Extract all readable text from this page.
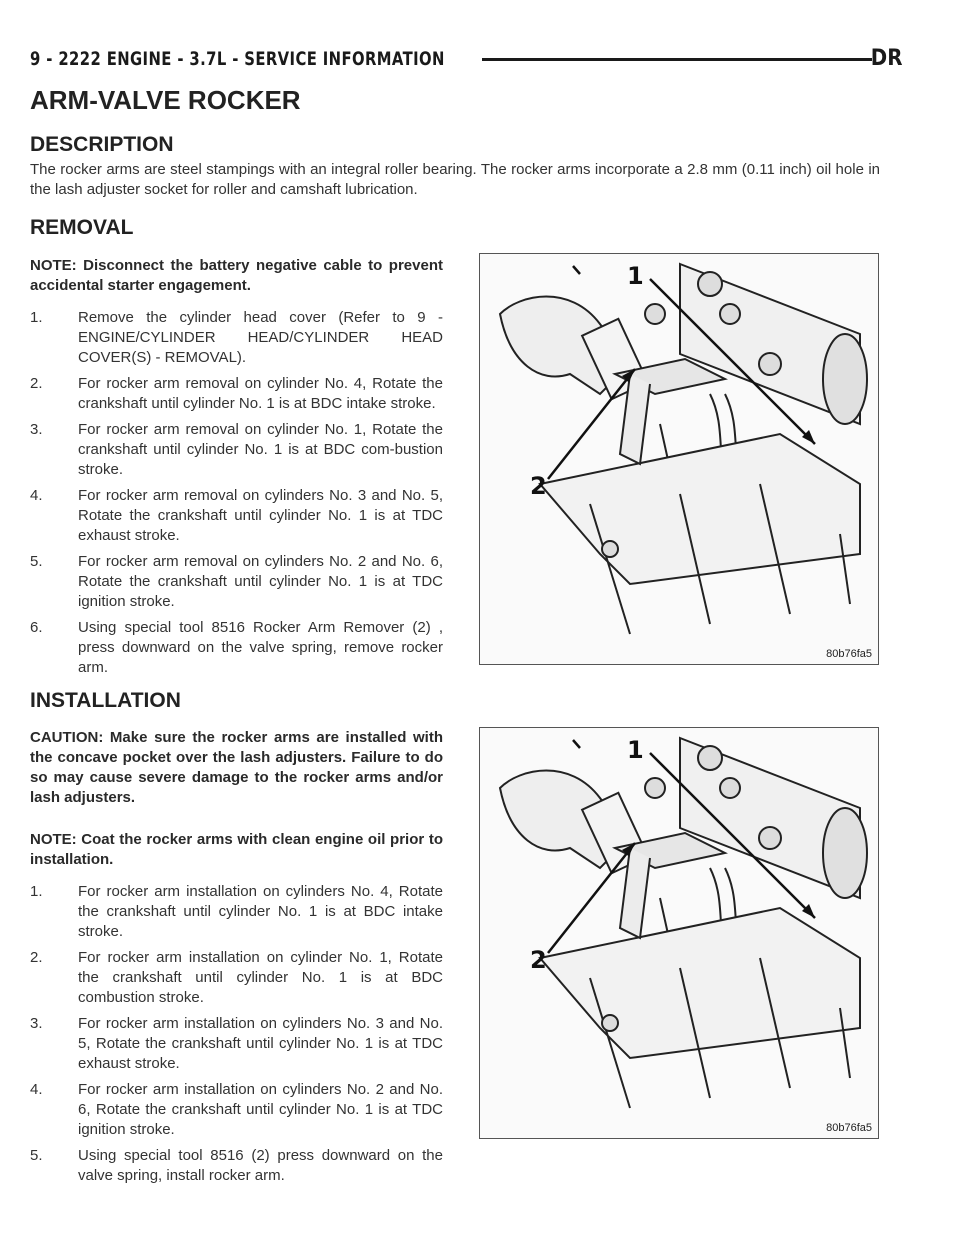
9 - 2222 ENGINE - 3.7L - SERVICE INFORMATION	DR
ARM-VALVE ROCKER
DESCRIPTION

The rocker arms are steel stampings with an integral roller bearing. The rocker arms incorporate a 2.8 mm (0.11 inch) oil hole in the lash adjuster socket for roller and camshaft lubrication.

REMOVAL

NOTE: Disconnect the battery negative cable to prevent accidental starter engagement.

1. Remove the cylinder head cover (Refer to 9 - ENGINE/CYLINDER HEAD/CYLINDER HEAD COVER(S) - REMOVAL).
2. For rocker arm removal on cylinder No. 4, Rotate the crankshaft until cylinder No. 1 is at BDC intake stroke.
3. For rocker arm removal on cylinder No. 1, Rotate the crankshaft until cylinder No. 1 is at BDC com-bustion stroke.
4. For rocker arm removal on cylinders No. 3 and No. 5, Rotate the crankshaft until cylinder No. 1 is at TDC exhaust stroke.
5. For rocker arm removal on cylinders No. 2 and No. 6, Rotate the crankshaft until cylinder No. 1 is at TDC ignition stroke.
6. Using special tool 8516 Rocker Arm Remover (2) , press downward on the valve spring, remove rocker arm.
1
2
80b76fa5
INSTALLATION

CAUTION: Make sure the rocker arms are installed with the concave pocket over the lash adjusters. Failure to do so may cause severe damage to the rocker arms and/or lash adjusters.

NOTE: Coat the rocker arms with clean engine oil prior to installation.

1. For rocker arm installation on cylinders No. 4, Rotate the crankshaft until cylinder No. 1 is at BDC intake stroke.
2. For rocker arm installation on cylinder No. 1, Rotate the crankshaft until cylinder No. 1 is at BDC combustion stroke.
3. For rocker arm installation on cylinders No. 3 and No. 5, Rotate the crankshaft until cylinder No. 1 is at TDC exhaust stroke.
4. For rocker arm installation on cylinders No. 2 and No. 6, Rotate the crankshaft until cylinder No. 1 is at TDC ignition stroke.
5. Using special tool 8516 (2) press downward on the valve spring, install rocker arm.
1
2
80b76fa5
